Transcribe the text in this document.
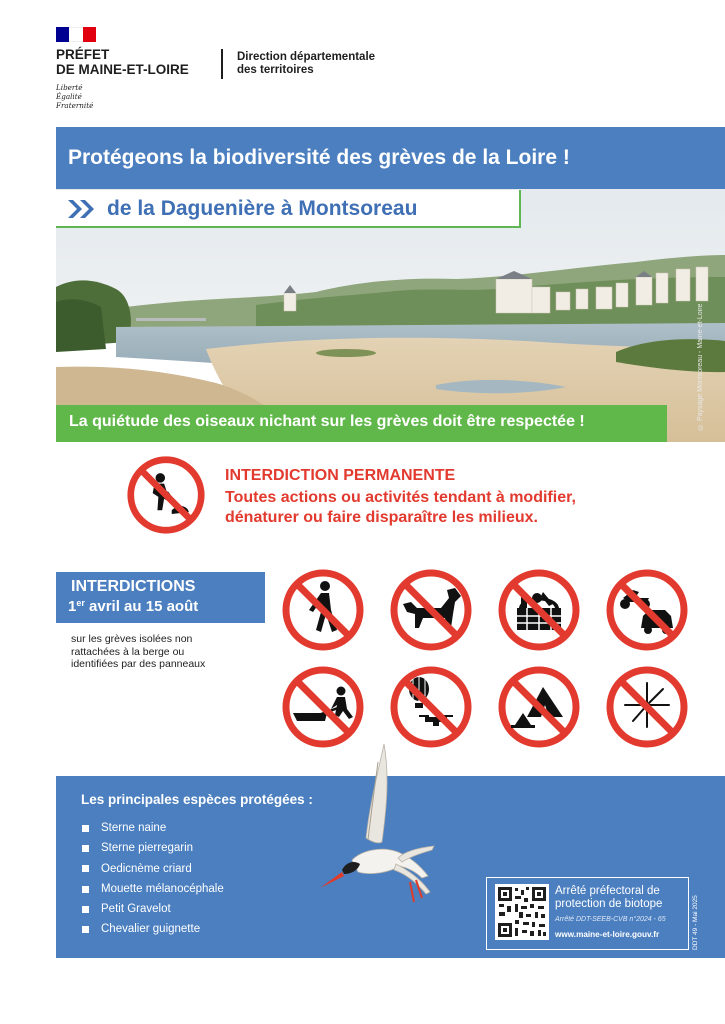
PRÉFET
DE MAINE-ET-LOIRE
Liberté
Égalité
Fraternité
Direction départementale
des territoires
Protégeons la biodiversité des grèves de la Loire !
de la Daguenière à Montsoreau
© Paysage Montsoreau - Maine-et-Loire
La quiétude des oiseaux nichant sur les grèves doit être respectée !
INTERDICTION PERMANENTE
Toutes actions ou activités tendant à modifier,
dénaturer ou faire disparaître les milieux.
INTERDICTIONS
1er avril au 15 août
sur les grèves isolées non
rattachées à la berge ou
identifiées par des panneaux
Les principales espèces protégées :
Sterne naine
Sterne pierregarin
Oedicnème criard
Mouette mélanocéphale
Petit Gravelot
Chevalier guignette
Arrêté préfectoral de
protection de biotope
Arrêté DDT-SEEB-CVB n°2024 - 65
www.maine-et-loire.gouv.fr	DDT 49 - Mai 2025
